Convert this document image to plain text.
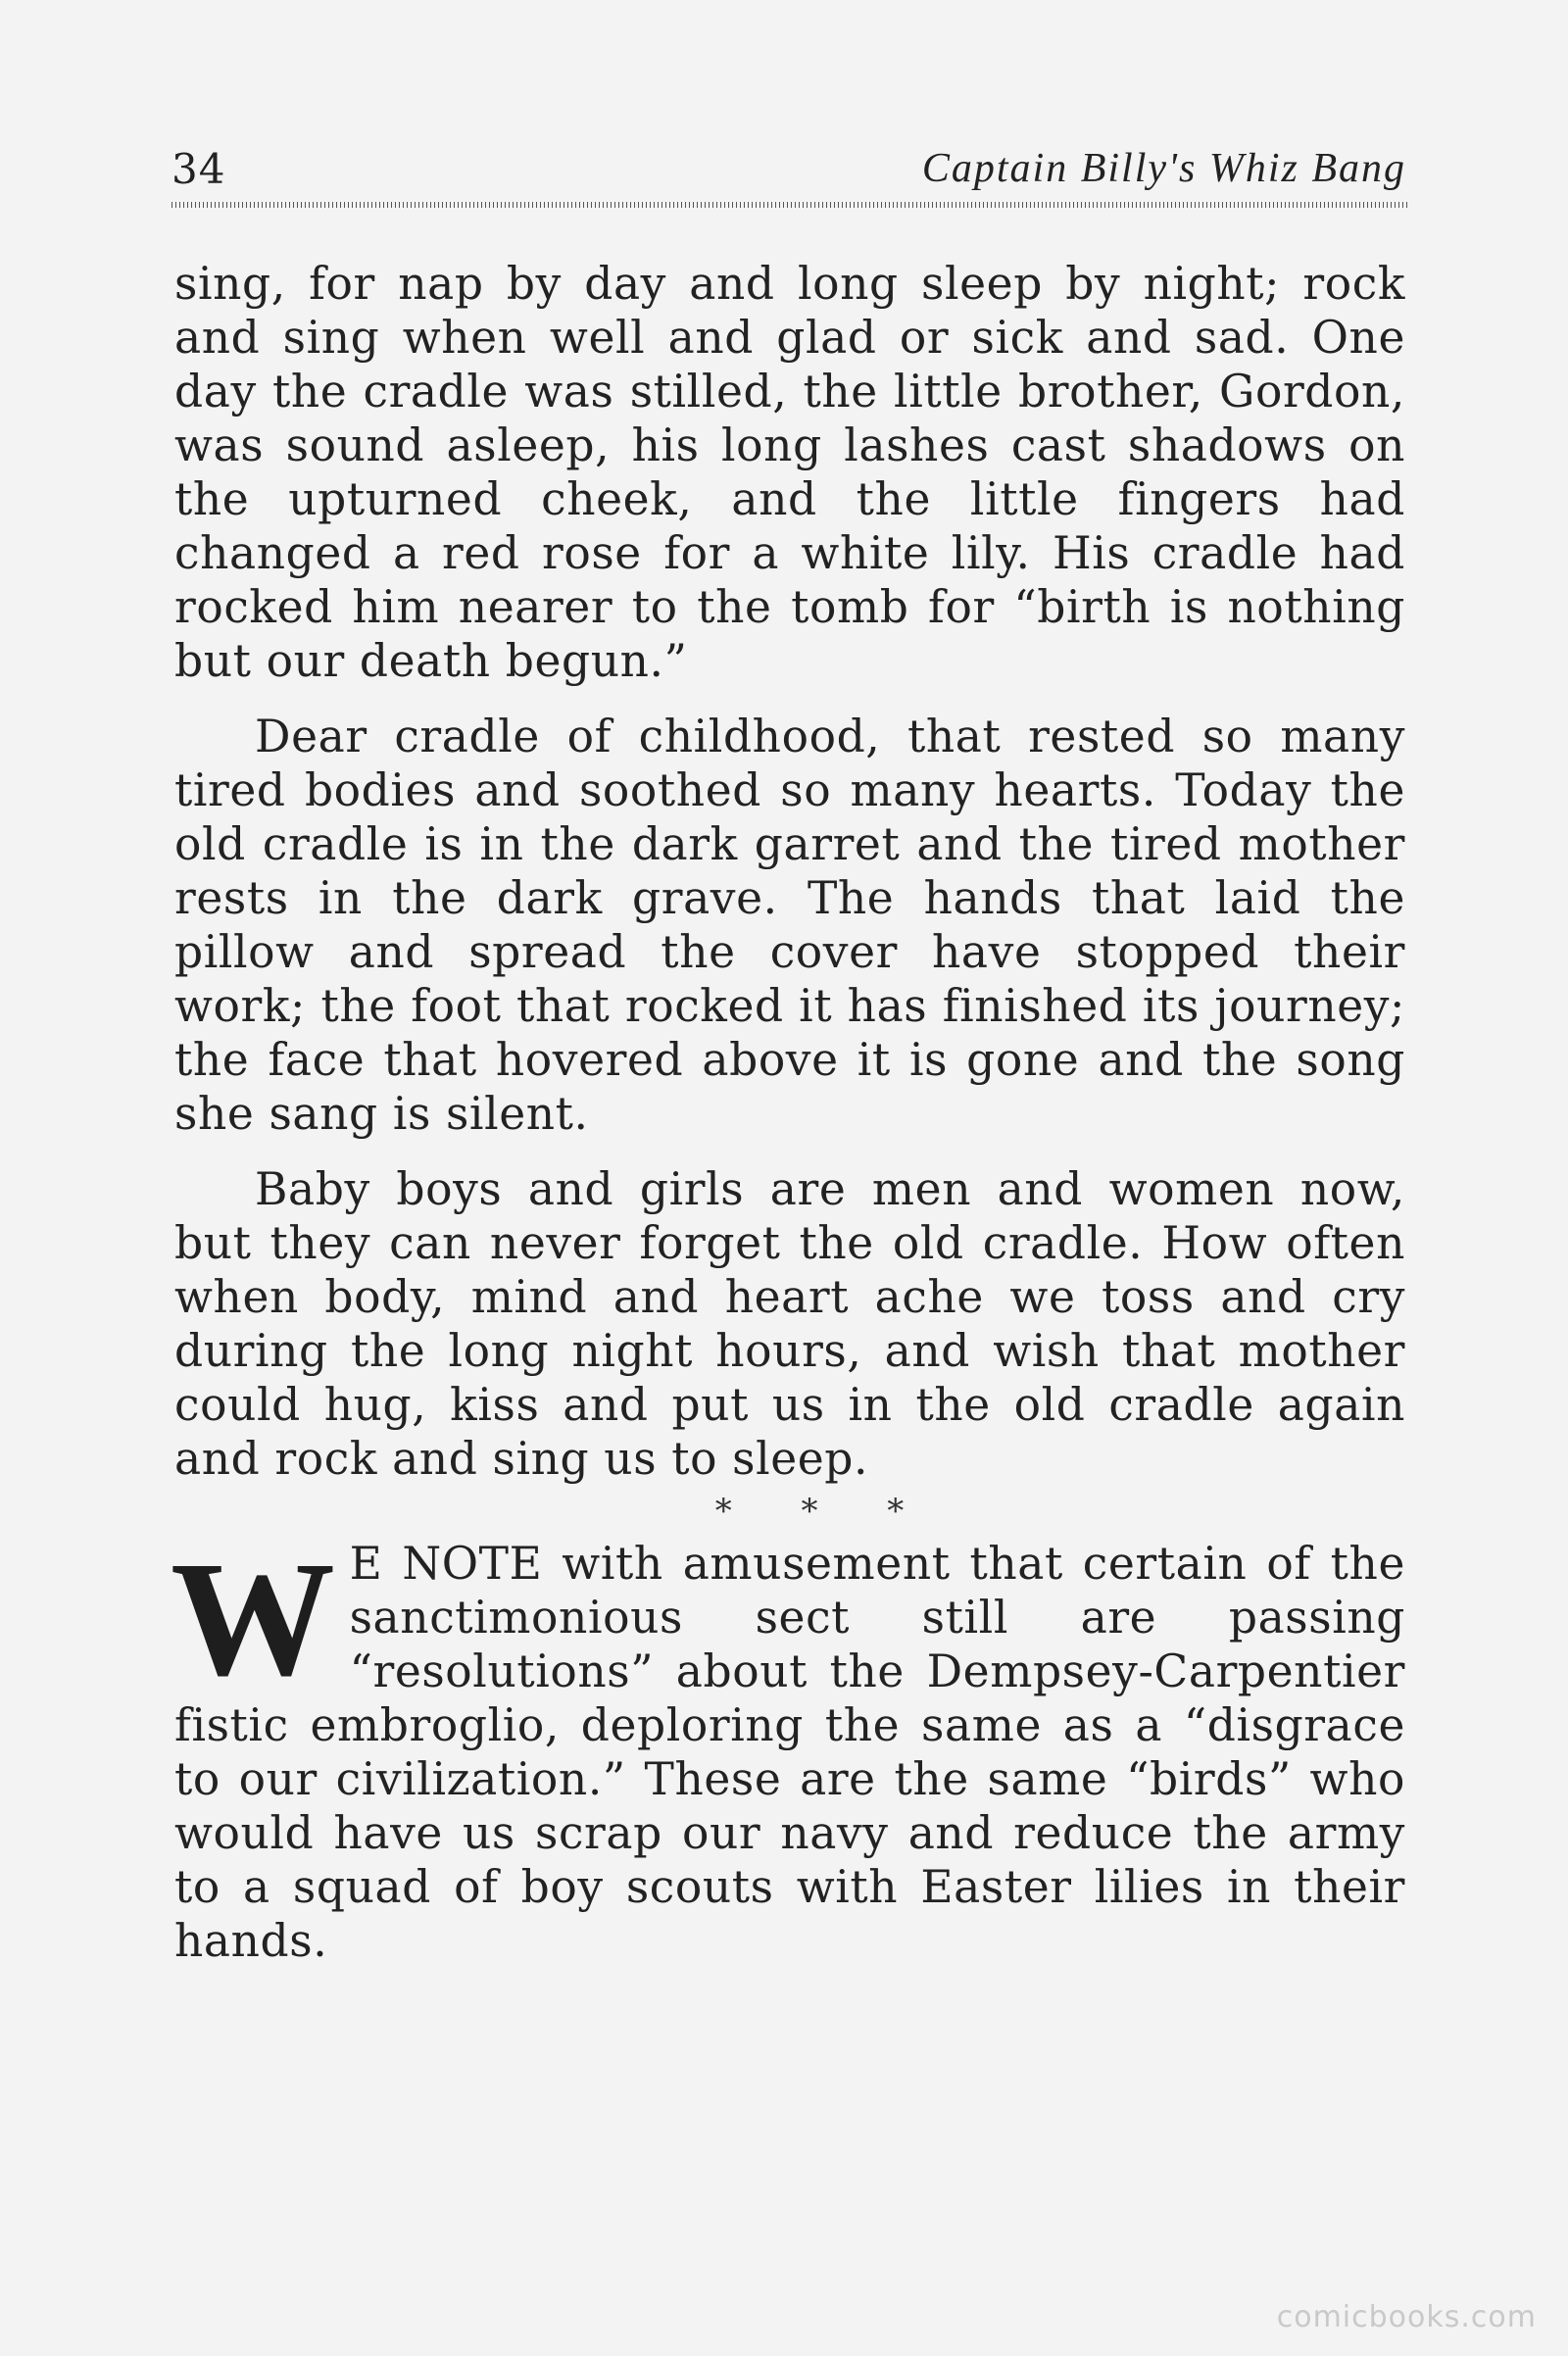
34	Captain Billy's Whiz Bang

sing, for nap by day and long sleep by night; rock and sing when well and glad or sick and sad. One day the cradle was stilled, the little brother, Gordon, was sound asleep, his long lashes cast shadows on the upturned cheek, and the little fingers had changed a red rose for a white lily. His cradle had rocked him nearer to the tomb for “birth is nothing but our death begun.”

Dear cradle of childhood, that rested so many tired bodies and soothed so many hearts. Today the old cradle is in the dark garret and the tired mother rests in the dark grave. The hands that laid the pillow and spread the cover have stopped their work; the foot that rocked it has finished its journey; the face that hovered above it is gone and the song she sang is silent.

Baby boys and girls are men and women now, but they can never forget the old cradle. How often when body, mind and heart ache we toss and cry during the long night hours, and wish that mother could hug, kiss and put us in the old cradle again and rock and sing us to sleep.

* * *

W E NOTE with amusement that certain of the sanctimonious sect still are passing “resolutions” about the Dempsey-Carpentier fistic embroglio, deploring the same as a “disgrace to our civilization.” These are the same “birds” who would have us scrap our navy and reduce the army to a squad of boy scouts with Easter lilies in their hands.

comicbooks.com
